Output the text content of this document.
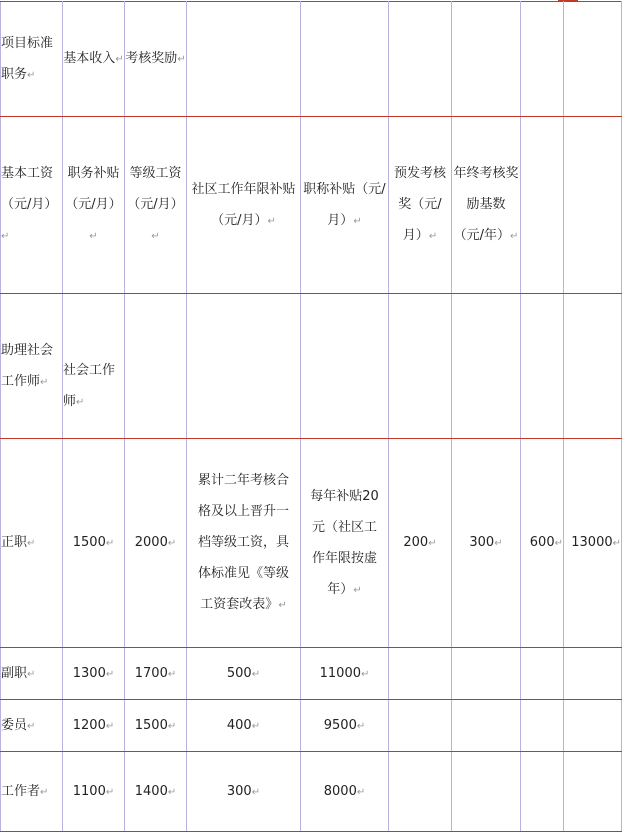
项目标准职务↵	基本收入↵	考核奖励↵						
基本工资（元/月）↵	职务补贴（元/月）↵	等级工资（元/月）↵	社区工作年限补贴（元/月）↵	职称补贴（元/月）↵	预发考核奖（元/月）↵	年终考核奖励基数（元/年）↵		
助理社会工作师↵	社会工作师↵							
正职↵	1500↵	2000↵	累计二年考核合格及以上晋升一档等级工资，具体标准见《等级工资套改表》↵	每年补贴20元（社区工作年限按虚年）↵	200↵	300↵	600↵	13000↵
副职↵	1300↵	1700↵	500↵	11000↵				
委员↵	1200↵	1500↵	400↵	9500↵				
工作者↵	1100↵	1400↵	300↵	8000↵				
